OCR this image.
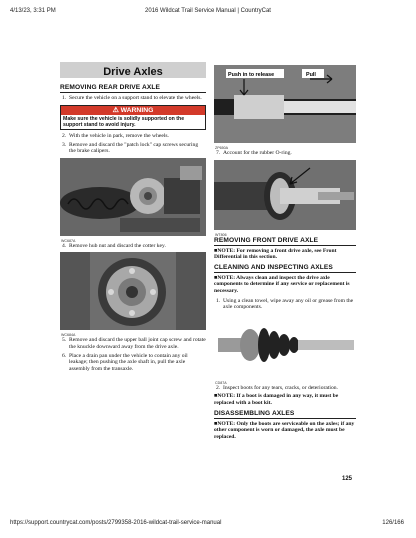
4/13/23, 3:31 PM	2016 Wildcat Trail Service Manual | CountryCat
Drive Axles
REMOVING REAR DRIVE AXLE
1. Secure the vehicle on a support stand to elevate the wheels.
⚠ WARNING
Make sure the vehicle is solidly supported on the support stand to avoid injury.
2. With the vehicle in park, remove the wheels.
3. Remove and discard the "patch lock" cap screws securing the brake calipers.
WC687A
4. Remove hub nut and discard the cotter key.
WC684A
5. Remove and discard the upper ball joint cap screw and rotate the knuckle downward away from the drive axle.
6. Place a drain pan under the vehicle to contain any oil leakage; then pushing the axle shaft in, pull the axle assembly from the transaxle.
Push in to release	Pull
ZP650A
7. Account for the rubber O-ring.
WT806
REMOVING FRONT DRIVE AXLE
■NOTE: For removing a front drive axle, see Front Differential in this section.
CLEANING AND INSPECTING AXLES
■NOTE: Always clean and inspect the drive axle components to determine if any service or replacement is necessary.
1. Using a clean towel, wipe away any oil or grease from the axle components.
CD87A
2. Inspect boots for any tears, cracks, or deterioration.
■NOTE: If a boot is damaged in any way, it must be replaced with a boot kit.
DISASSEMBLING AXLES
■NOTE: Only the boots are serviceable on the axles; if any other component is worn or damaged, the axle must be replaced.
125
https://support.countrycat.com/posts/2799358-2016-wildcat-trail-service-manual	126/166
